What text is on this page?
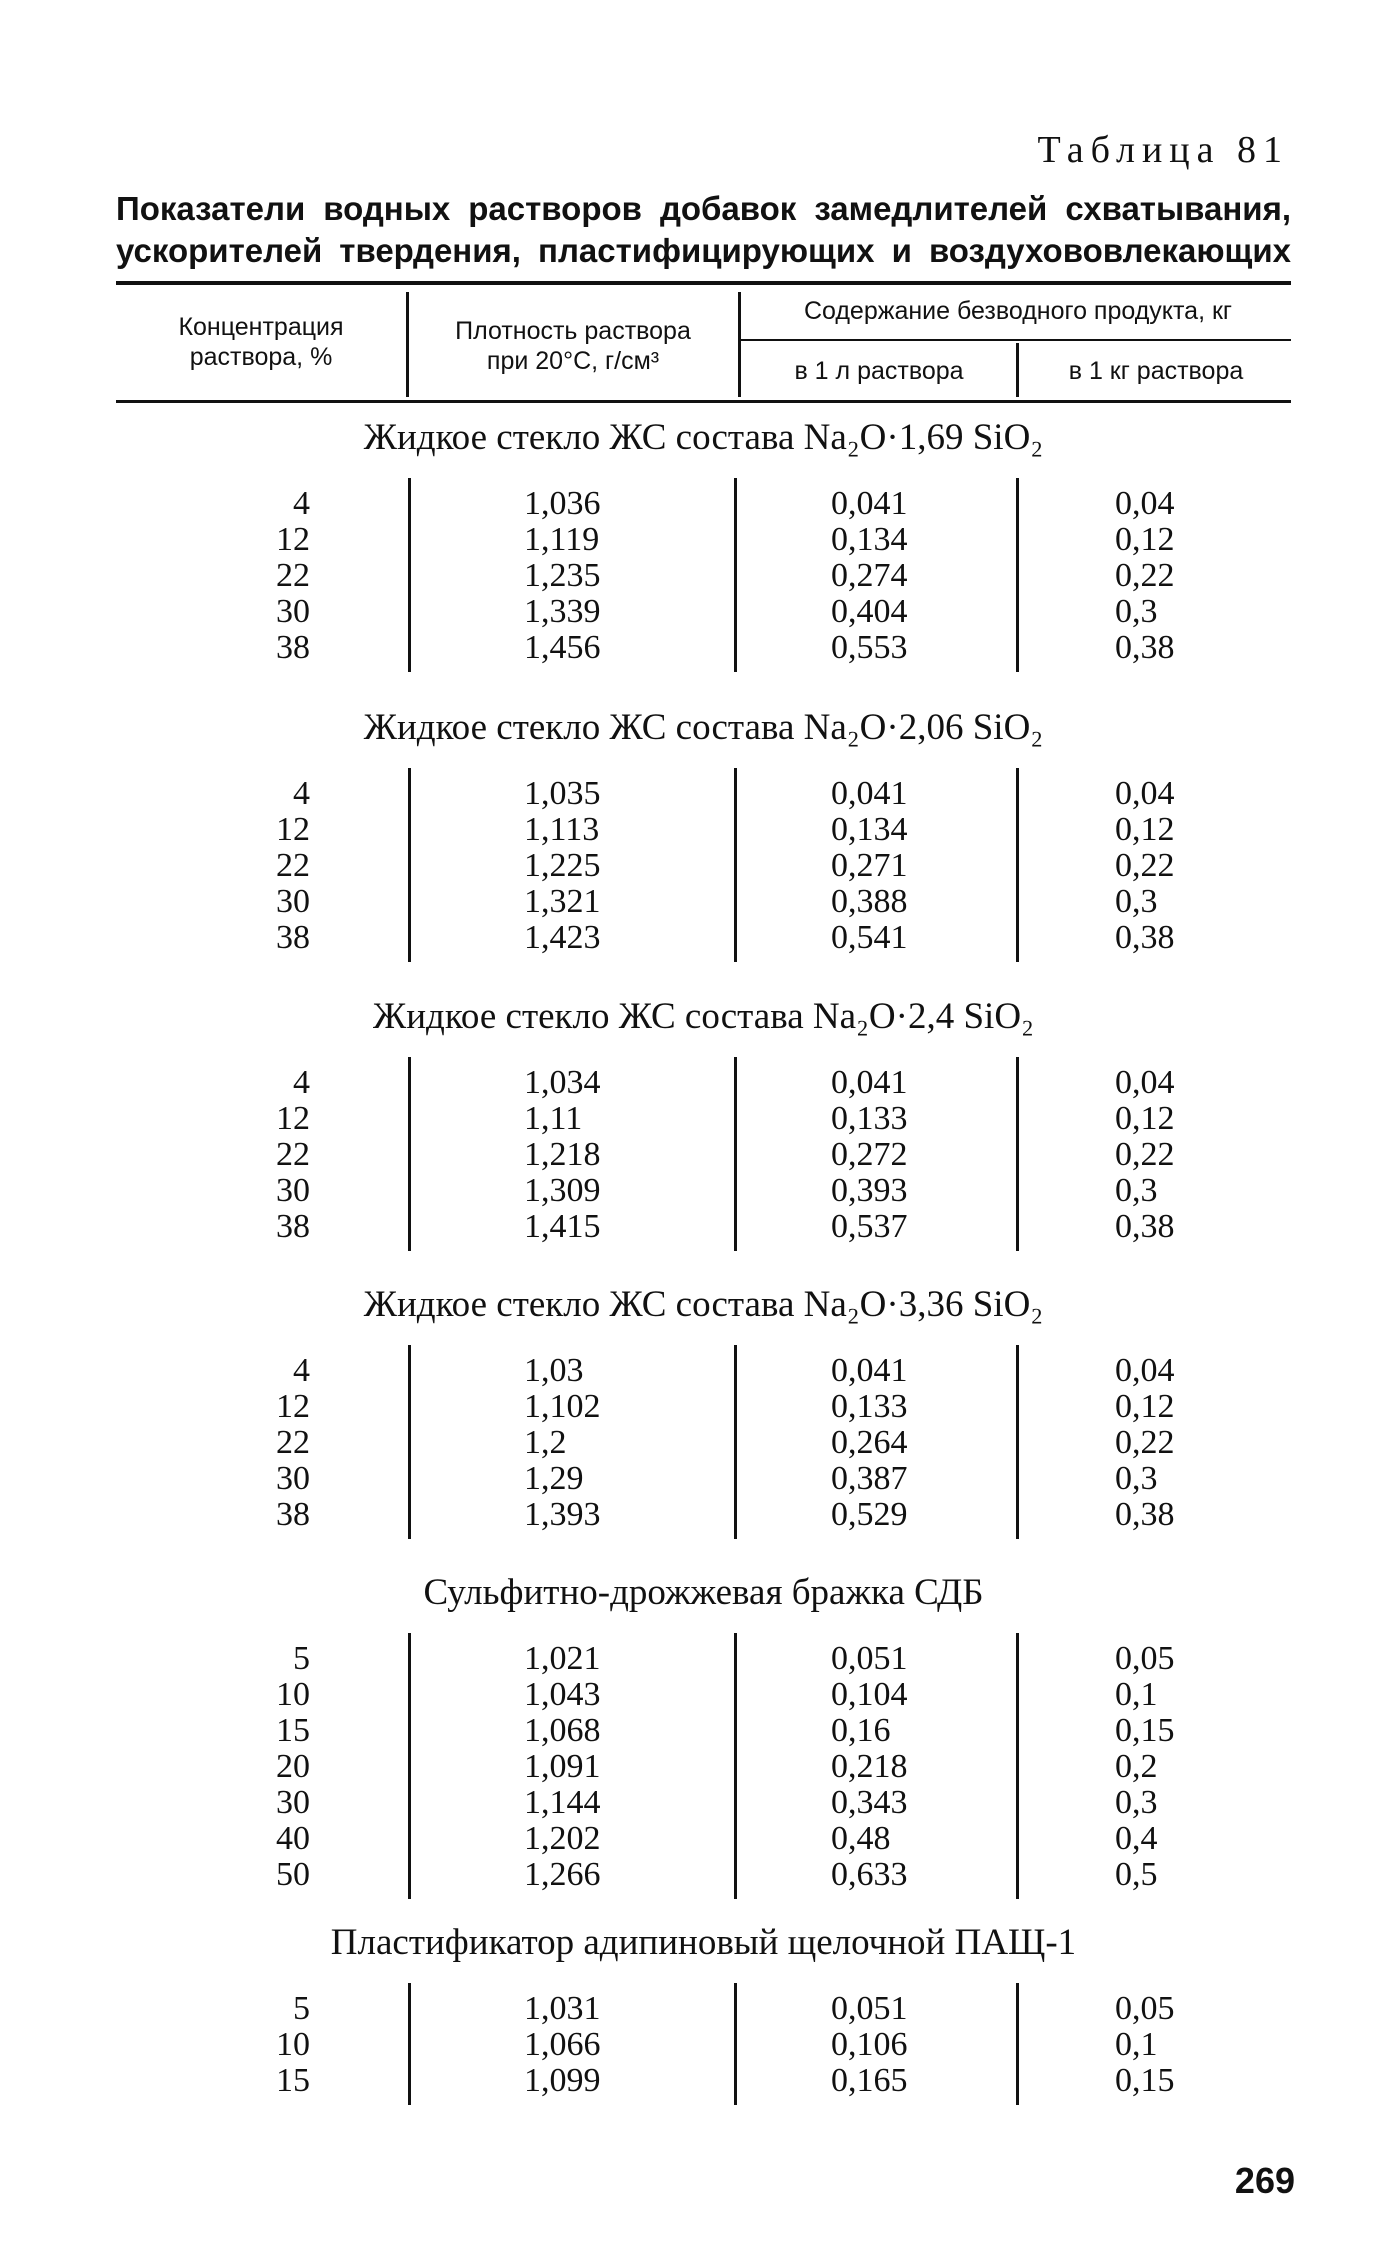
Таблица 81
Показатели водных растворов добавок замедлителей схватывания,
ускорителей твердения, пластифицирующих и воздухововлекающих
Концентрация
раствора, %
Плотность раствора
при 20°С, г/см³
Содержание безводного продукта, кг
в 1 л раствора	в 1 кг раствора
Жидкое стекло ЖС состава Na₂O·1,69 SiO₂
4	1,036	0,041	0,04
12	1,119	0,134	0,12
22	1,235	0,274	0,22
30	1,339	0,404	0,3
38	1,456	0,553	0,38
Жидкое стекло ЖС состава Na₂O·2,06 SiO₂
4	1,035	0,041	0,04
12	1,113	0,134	0,12
22	1,225	0,271	0,22
30	1,321	0,388	0,3
38	1,423	0,541	0,38
Жидкое стекло ЖС состава Na₂O·2,4 SiO₂
4	1,034	0,041	0,04
12	1,11	0,133	0,12
22	1,218	0,272	0,22
30	1,309	0,393	0,3
38	1,415	0,537	0,38
Жидкое стекло ЖС состава Na₂O·3,36 SiO₂
4	1,03	0,041	0,04
12	1,102	0,133	0,12
22	1,2	0,264	0,22
30	1,29	0,387	0,3
38	1,393	0,529	0,38
Сульфитно-дрожжевая бражка СДБ
5	1,021	0,051	0,05
10	1,043	0,104	0,1
15	1,068	0,16	0,15
20	1,091	0,218	0,2
30	1,144	0,343	0,3
40	1,202	0,48	0,4
50	1,266	0,633	0,5
Пластификатор адипиновый щелочной ПАЩ-1
5	1,031	0,051	0,05
10	1,066	0,106	0,1
15	1,099	0,165	0,15
269
